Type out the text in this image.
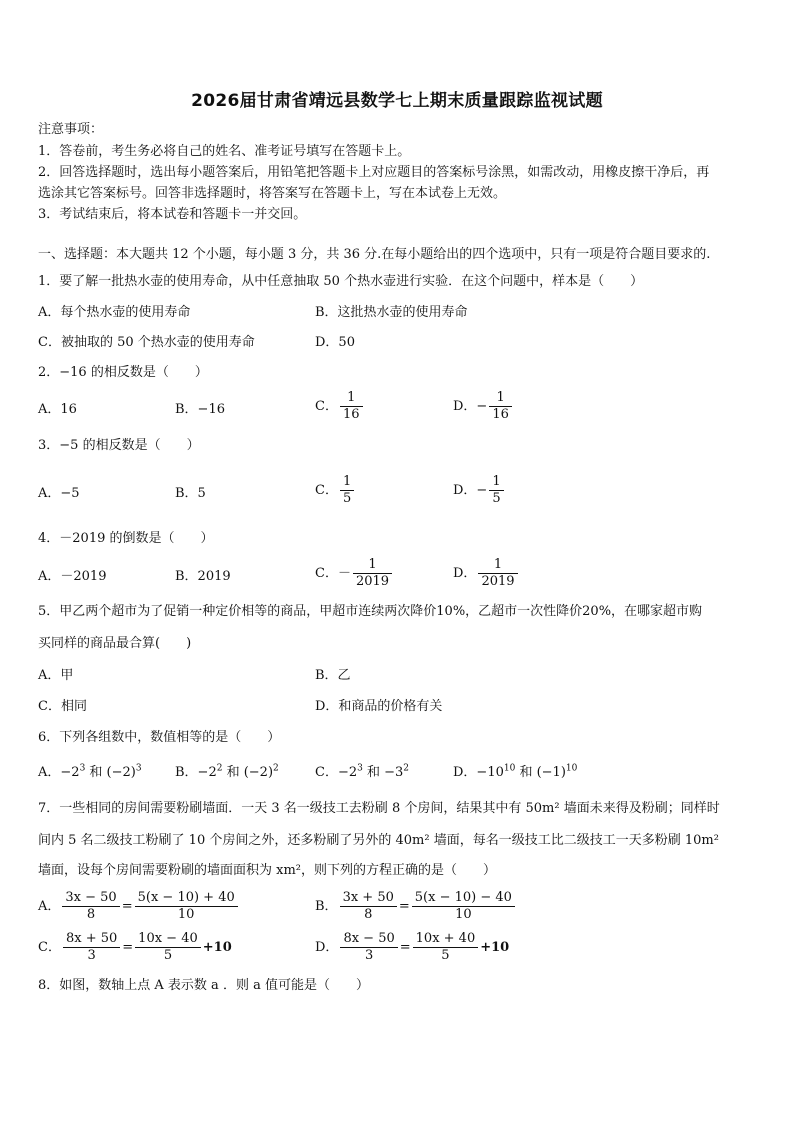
2026届甘肃省靖远县数学七上期末质量跟踪监视试题
注意事项：
1．答卷前，考生务必将自己的姓名、准考证号填写在答题卡上。
2．回答选择题时，选出每小题答案后，用铅笔把答题卡上对应题目的答案标号涂黑，如需改动，用橡皮擦干净后，再
选涂其它答案标号。回答非选择题时，将答案写在答题卡上，写在本试卷上无效。
3．考试结束后，将本试卷和答题卡一并交回。
一、选择题：本大题共 12 个小题，每小题 3 分，共 36 分.在每小题给出的四个选项中，只有一项是符合题目要求的.
1．要了解一批热水壶的使用寿命，从中任意抽取 50 个热水壶进行实验．在这个问题中，样本是（　　）
A．每个热水壶的使用寿命	B．这批热水壶的使用寿命
C．被抽取的 50 个热水壶的使用寿命	D．50
2．−16 的相反数是（　　）
A．16	B．−16	C． $\frac{1}{16}$	D．− $\frac{1}{16}$
3．−5 的相反数是（　　）
A．−5	B．5	C． $\frac{1}{5}$	D．− $\frac{1}{5}$
4．－2019 的倒数是（　　）
A．－2019	B．2019	C．－ $\frac{1}{2019}$	D． $\frac{1}{2019}$
5．甲乙两个超市为了促销一种定价相等的商品，甲超市连续两次降价10%，乙超市一次性降价20%，在哪家超市购
买同样的商品最合算(　　)
A．甲	B．乙
C．相同	D．和商品的价格有关
6．下列各组数中，数值相等的是（　　）
A．$-2^3$ 和 $(-2)^3$	B．$-2^2$ 和 $(-2)^2$	C．$-2^3$ 和 $-3^2$	D．$-10^{10}$ 和 $(-1)^{10}$
7．一些相同的房间需要粉刷墙面．一天 3 名一级技工去粉刷 8 个房间，结果其中有 50m² 墙面未来得及粉刷；同样时
间内 5 名二级技工粉刷了 10 个房间之外，还多粉刷了另外的 40m² 墙面，每名一级技工比二级技工一天多粉刷 10m²
墙面，设每个房间需要粉刷的墙面面积为 xm²，则下列的方程正确的是（　　）
A． $\frac{3x - 50}{8} = \frac{5(x - 10) + 40}{10}$	B． $\frac{3x + 50}{8} = \frac{5(x - 10) - 40}{10}$
C． $\frac{8x + 50}{3} = \frac{10x - 40}{5} +10$	D． $\frac{8x - 50}{3} = \frac{10x + 40}{5} +10$
8．如图，数轴上点 A 表示数 a ．则 a 值可能是（　　）
